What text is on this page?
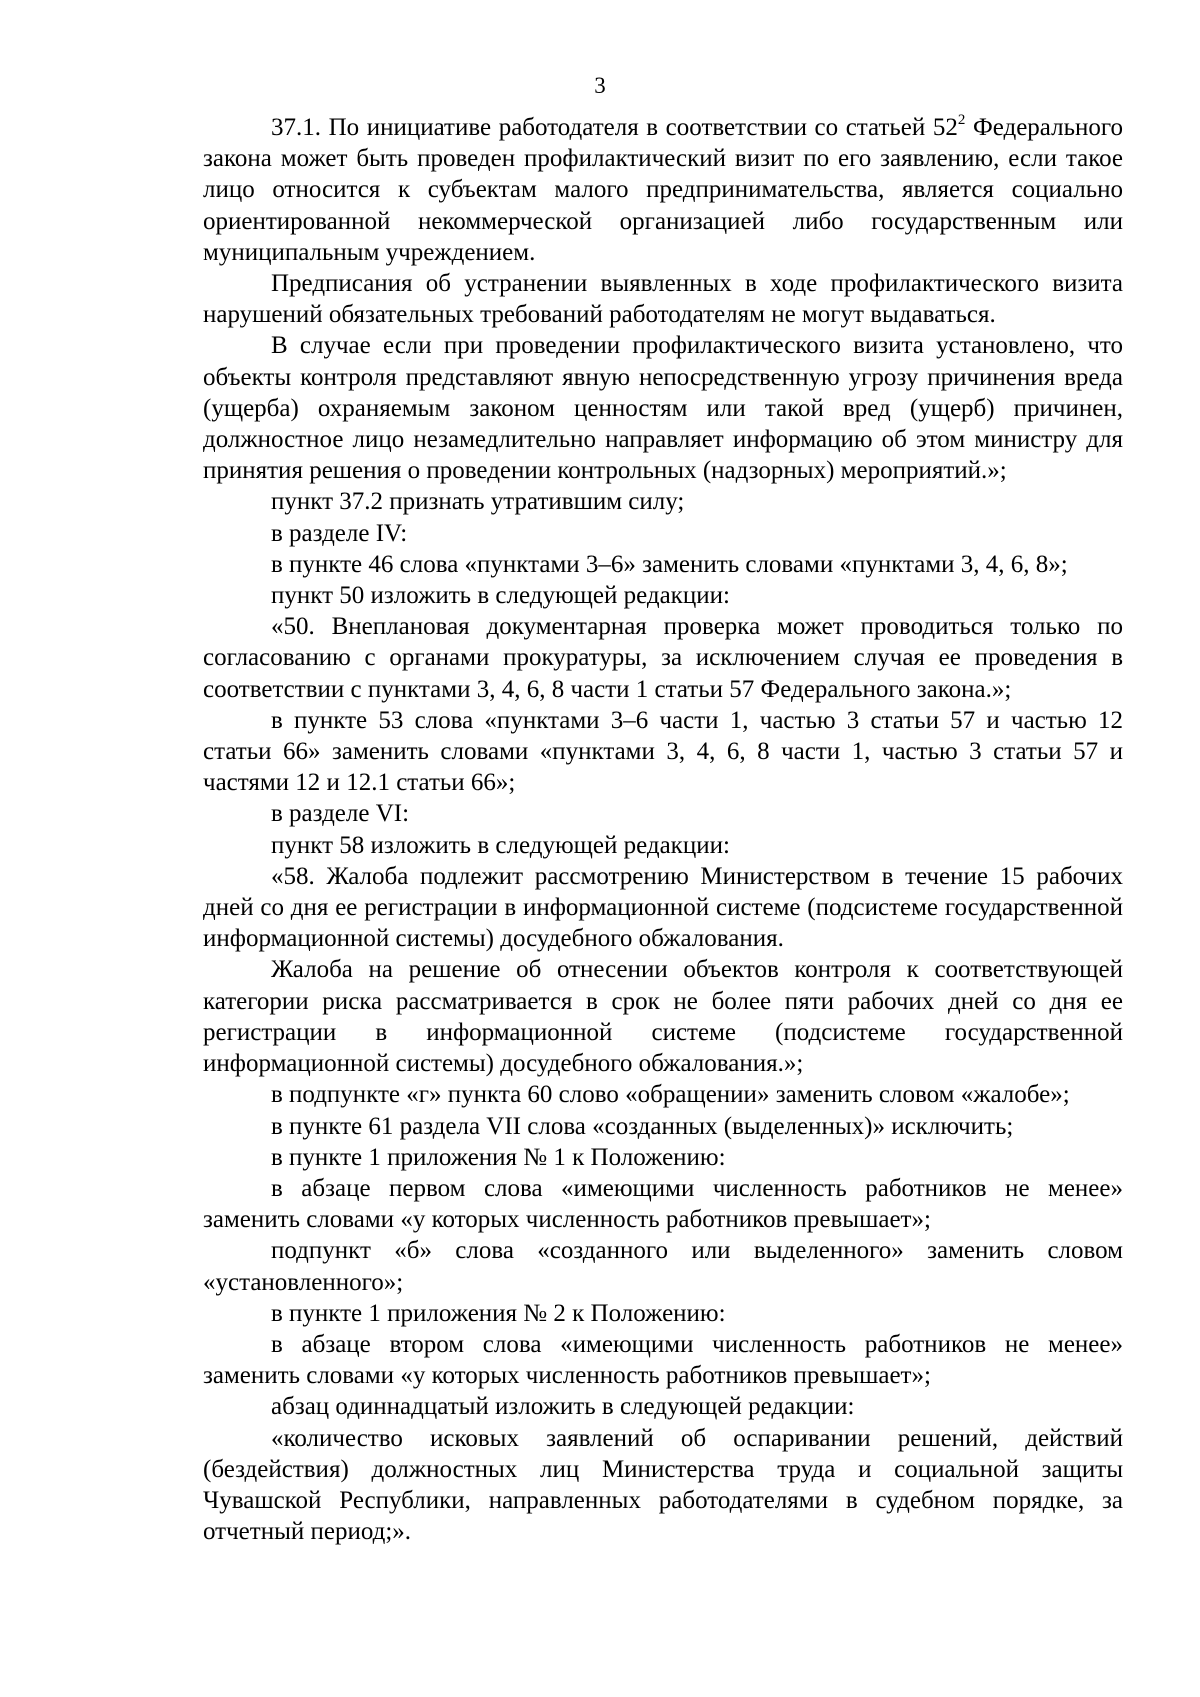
3

37.1. По инициативе работодателя в соответствии со статьей $52^2$ Федерального закона может быть проведен профилактический визит по его заявлению, если такое лицо относится к субъектам малого предпринимательства, является социально ориентированной некоммерческой организацией либо государственным или муниципальным учреждением.

Предписания об устранении выявленных в ходе профилактического визита нарушений обязательных требований работодателям не могут выдаваться.

В случае если при проведении профилактического визита установлено, что объекты контроля представляют явную непосредственную угрозу причинения вреда (ущерба) охраняемым законом ценностям или такой вред (ущерб) причинен, должностное лицо незамедлительно направляет информацию об этом министру для принятия решения о проведении контрольных (надзорных) мероприятий.»;

пункт 37.2 признать утратившим силу;

в разделе IV:

в пункте 46 слова «пунктами 3–6» заменить словами «пунктами 3, 4, 6, 8»;

пункт 50 изложить в следующей редакции:

«50. Внеплановая документарная проверка может проводиться только по согласованию с органами прокуратуры, за исключением случая ее проведения в соответствии с пунктами 3, 4, 6, 8 части 1 статьи 57 Федерального закона.»;

в пункте 53 слова «пунктами 3–6 части 1, частью 3 статьи 57 и частью 12 статьи 66» заменить словами «пунктами 3, 4, 6, 8 части 1, частью 3 статьи 57 и частями 12 и 12.1 статьи 66»;

в разделе VI:

пункт 58 изложить в следующей редакции:

«58. Жалоба подлежит рассмотрению Министерством в течение 15 рабочих дней со дня ее регистрации в информационной системе (подсистеме государственной информационной системы) досудебного обжалования.

Жалоба на решение об отнесении объектов контроля к соответствующей категории риска рассматривается в срок не более пяти рабочих дней со дня ее регистрации в информационной системе (подсистеме государственной информационной системы) досудебного обжалования.»;

в подпункте «г» пункта 60 слово «обращении» заменить словом «жалобе»;

в пункте 61 раздела VII слова «созданных (выделенных)» исключить;

в пункте 1 приложения № 1 к Положению:

в абзаце первом слова «имеющими численность работников не менее» заменить словами «у которых численность работников превышает»;

подпункт «б» слова «созданного или выделенного» заменить словом «установленного»;

в пункте 1 приложения № 2 к Положению:

в абзаце втором слова «имеющими численность работников не менее» заменить словами «у которых численность работников превышает»;

абзац одиннадцатый изложить в следующей редакции:

«количество исковых заявлений об оспаривании решений, действий (бездействия) должностных лиц Министерства труда и социальной защиты Чувашской Республики, направленных работодателями в судебном порядке, за отчетный период;».
